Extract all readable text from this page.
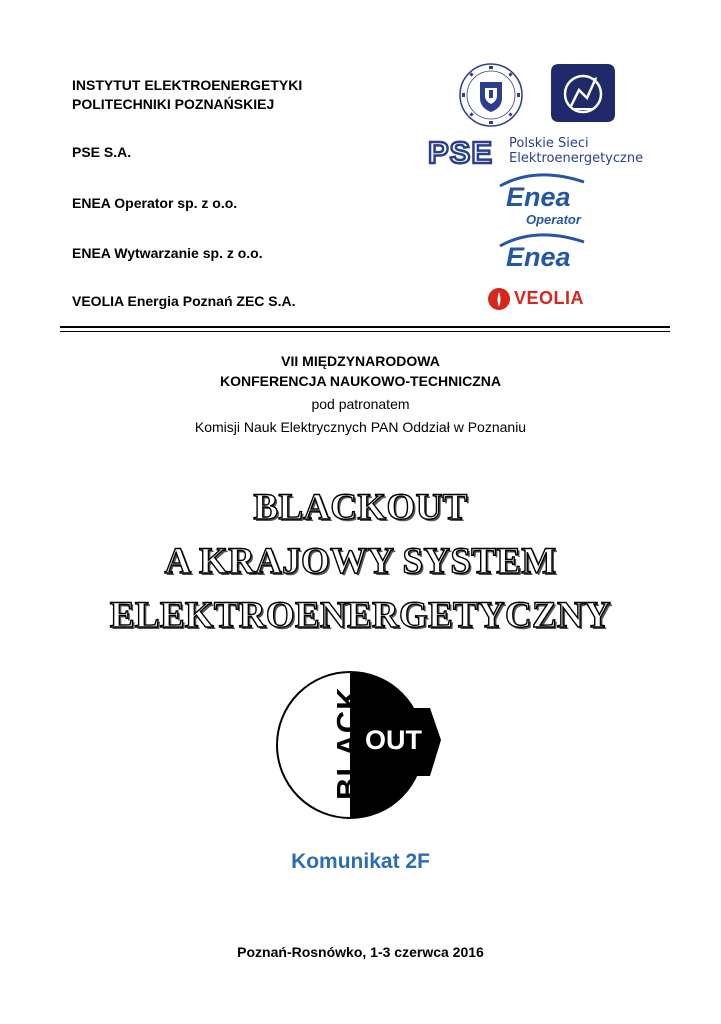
INSTYTUT ELEKTROENERGETYKI
POLITECHNIKI POZNAŃSKIEJ
PSE S.A.
ENEA Operator sp. z o.o.
ENEA Wytwarzanie sp. z o.o.
VEOLIA Energia Poznań ZEC S.A.
PSE Polskie Sieci
Elektroenergetyczne
Enea
Operator
Enea
VEOLIA
VII MIĘDZYNARODOWA
KONFERENCJA NAUKOWO-TECHNICZNA
pod patronatem
Komisji Nauk Elektrycznych PAN Oddział w Poznaniu
BLACKOUT
A KRAJOWY SYSTEM
ELEKTROENERGETYCZNY
BLACK OUT
Komunikat 2F
Poznań-Rosnówko, 1-3 czerwca 2016
